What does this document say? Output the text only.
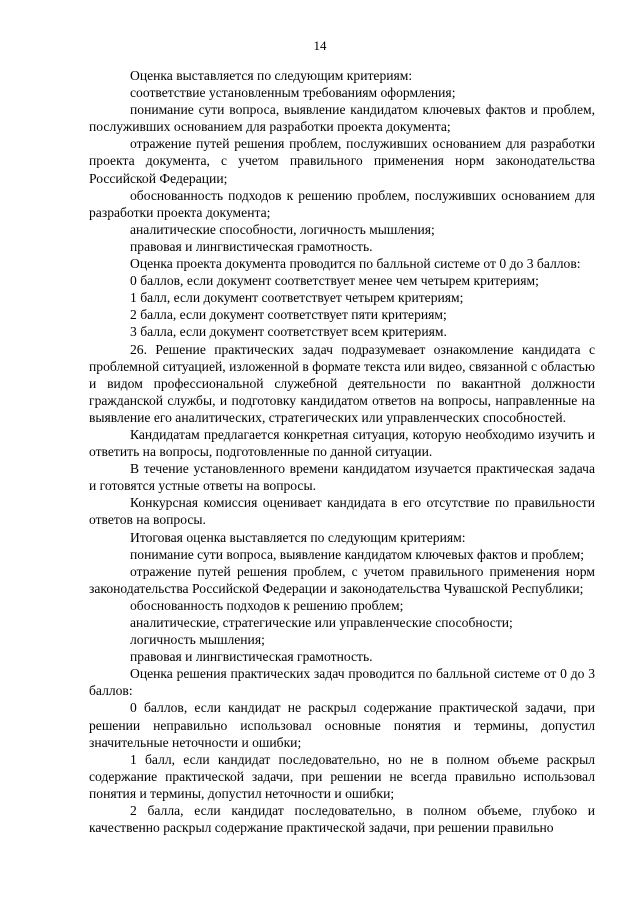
14

Оценка выставляется по следующим критериям:

соответствие установленным требованиям оформления;

понимание сути вопроса, выявление кандидатом ключевых фактов и проблем, послуживших основанием для разработки проекта документа;

отражение путей решения проблем, послуживших основанием для разработки проекта документа, с учетом правильного применения норм законодательства Российской Федерации;

обоснованность подходов к решению проблем, послуживших основанием для разработки проекта документа;

аналитические способности, логичность мышления;

правовая и лингвистическая грамотность.

Оценка проекта документа проводится по балльной системе от 0 до 3 баллов:

0 баллов, если документ соответствует менее чем четырем критериям;

1 балл, если документ соответствует четырем критериям;

2 балла, если документ соответствует пяти критериям;

3 балла, если документ соответствует всем критериям.

26. Решение практических задач подразумевает ознакомление кандидата с проблемной ситуацией, изложенной в формате текста или видео, связанной с областью и видом профессиональной служебной деятельности по вакантной должности гражданской службы, и подготовку кандидатом ответов на вопросы, направленные на выявление его аналитических, стратегических или управленческих способностей.

Кандидатам предлагается конкретная ситуация, которую необходимо изучить и ответить на вопросы, подготовленные по данной ситуации.

В течение установленного времени кандидатом изучается практическая задача и готовятся устные ответы на вопросы.

Конкурсная комиссия оценивает кандидата в его отсутствие по правильности ответов на вопросы.

Итоговая оценка выставляется по следующим критериям:

понимание сути вопроса, выявление кандидатом ключевых фактов и проблем;

отражение путей решения проблем, с учетом правильного применения норм законодательства Российской Федерации и законодательства Чувашской Республики;

обоснованность подходов к решению проблем;

аналитические, стратегические или управленческие способности;

логичность мышления;

правовая и лингвистическая грамотность.

Оценка решения практических задач проводится по балльной системе от 0 до 3 баллов:

0 баллов, если кандидат не раскрыл содержание практической задачи, при решении неправильно использовал основные понятия и термины, допустил значительные неточности и ошибки;

1 балл, если кандидат последовательно, но не в полном объеме раскрыл содержание практической задачи, при решении не всегда правильно использовал понятия и термины, допустил неточности и ошибки;

2 балла, если кандидат последовательно, в полном объеме, глубоко и качественно раскрыл содержание практической задачи, при решении правильно
